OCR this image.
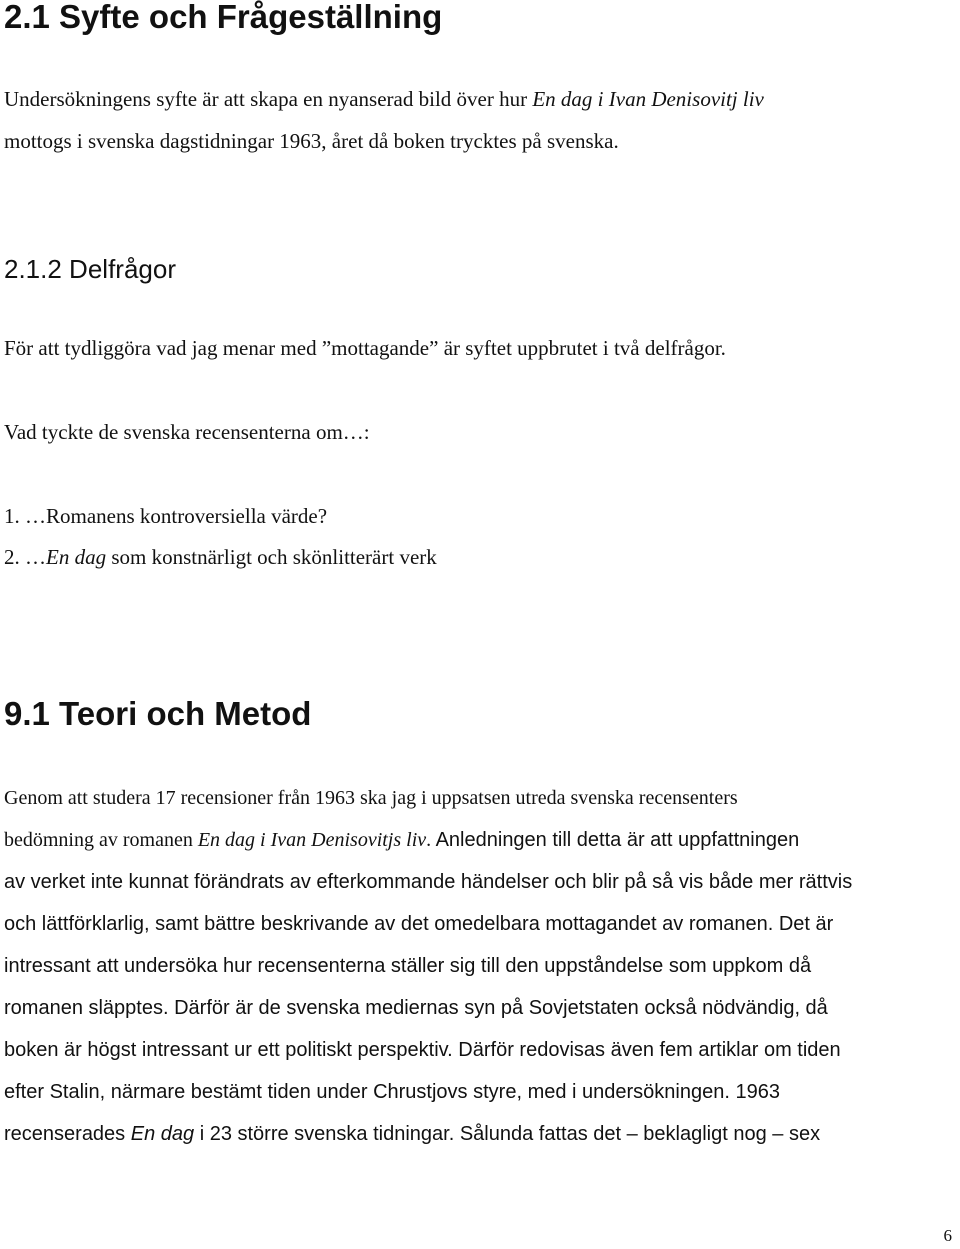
2.1 Syfte och Frågeställning

Undersökningens syfte är att skapa en nyanserad bild över hur En dag i Ivan Denisovitj liv

mottogs i svenska dagstidningar 1963, året då boken trycktes på svenska.

2.1.2 Delfrågor

För att tydliggöra vad jag menar med ”mottagande” är syftet uppbrutet i två delfrågor.

Vad tyckte de svenska recensenterna om…:

1. …Romanens kontroversiella värde?

2. …En dag som konstnärligt och skönlitterärt verk

9.1 Teori och Metod

Genom att studera 17 recensioner från 1963 ska jag i uppsatsen utreda svenska recensenters

bedömning av romanen En dag i Ivan Denisovitjs liv. Anledningen till detta är att uppfattningen

av verket inte kunnat förändrats av efterkommande händelser och blir på så vis både mer rättvis

och lättförklarlig, samt bättre beskrivande av det omedelbara mottagandet av romanen. Det är

intressant att undersöka hur recensenterna ställer sig till den uppståndelse som uppkom då

romanen släpptes. Därför är de svenska mediernas syn på Sovjetstaten också nödvändig, då

boken är högst intressant ur ett politiskt perspektiv. Därför redovisas även fem artiklar om tiden

efter Stalin, närmare bestämt tiden under Chrustjovs styre, med i undersökningen. 1963

recenserades En dag i 23 större svenska tidningar. Sålunda fattas det – beklagligt nog – sex

6
